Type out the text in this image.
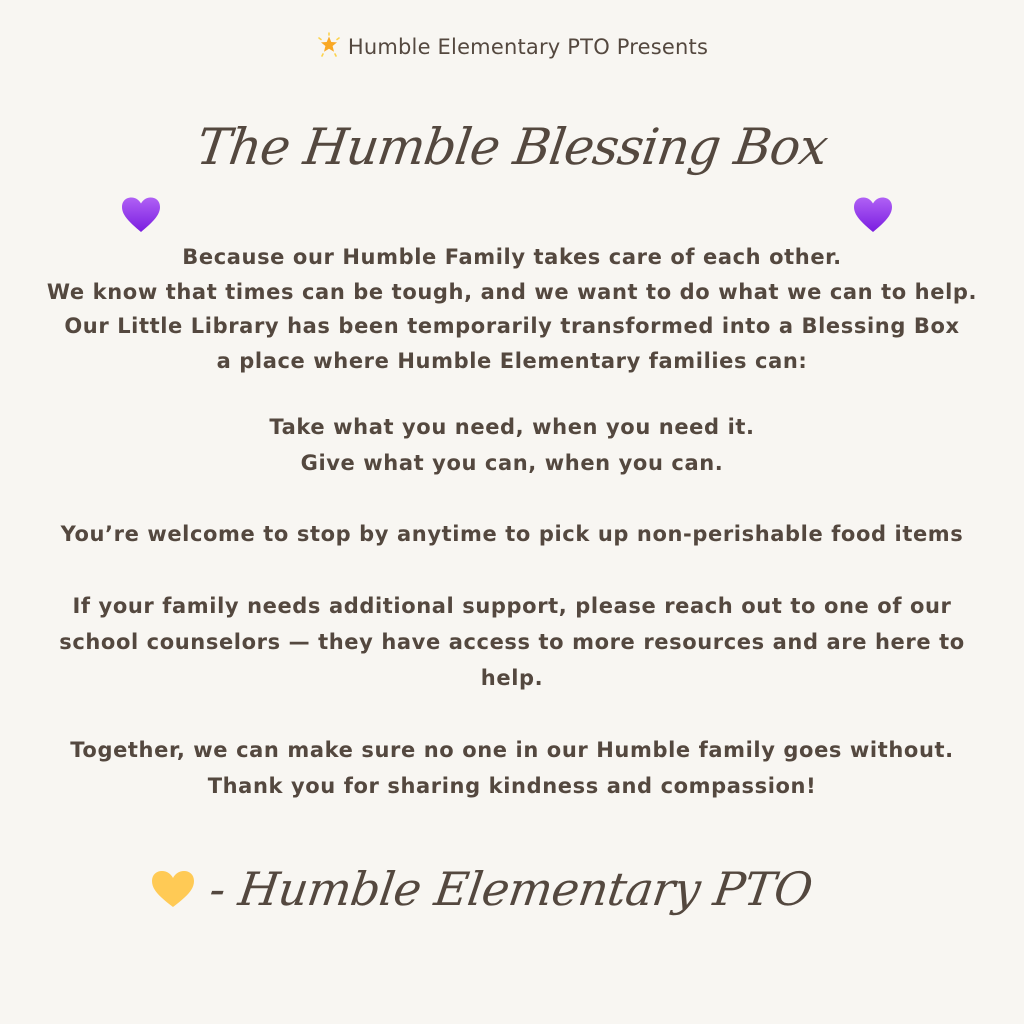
Humble Elementary PTO Presents
The Humble Blessing Box
Because our Humble Family takes care of each other.
We know that times can be tough, and we want to do what we can to help.
Our Little Library has been temporarily transformed into a Blessing Box
a place where Humble Elementary families can:
Take what you need, when you need it.
Give what you can, when you can.
You’re welcome to stop by anytime to pick up non-perishable food items
If your family needs additional support, please reach out to one of our
school counselors — they have access to more resources and are here to
help.
Together, we can make sure no one in our Humble family goes without.
Thank you for sharing kindness and compassion!
- Humble Elementary PTO
